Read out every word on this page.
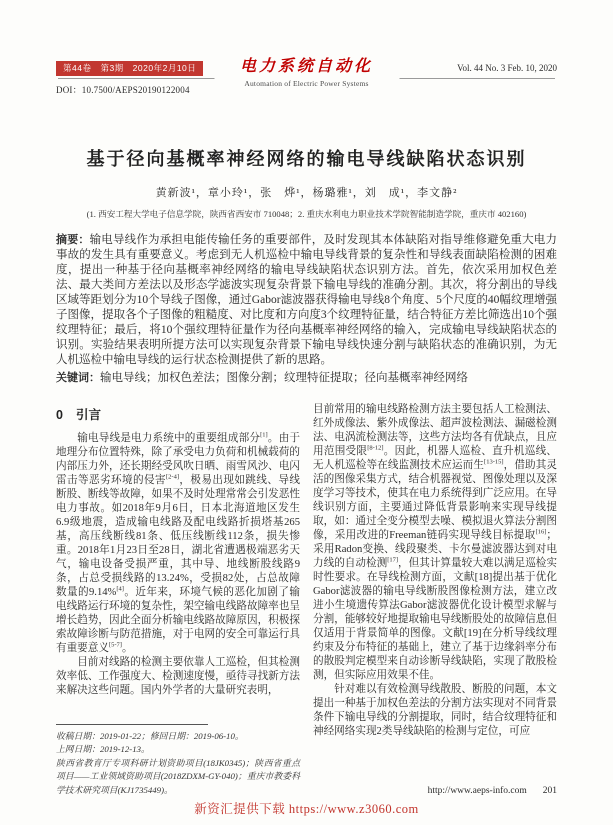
第44卷　第3期　2020年2月10日
DOI：10.7500/AEPS20190122004
电力系统自动化
Automation of Electric Power Systems
Vol. 44 No. 3 Feb. 10, 2020
基于径向基概率神经网络的输电导线缺陷状态识别
黄新波¹，章小玲¹，张　烨¹，杨璐雅¹，刘　成¹，李文静²
(1. 西安工程大学电子信息学院，陕西省西安市 710048；2. 重庆水利电力职业技术学院智能制造学院，重庆市 402160)

摘要：输电导线作为承担电能传输任务的重要部件，及时发现其本体缺陷对指导维修避免重大电力事故的发生具有重要意义。考虑到无人机巡检中输电导线背景的复杂性和导线表面缺陷检测的困难度，提出一种基于径向基概率神经网络的输电导线缺陷状态识别方法。首先，依次采用加权色差法、最大类间方差法以及形态学滤波实现复杂背景下输电导线的准确分割。其次，将分割出的导线区域等距划分为10个导线子图像，通过Gabor滤波器获得输电导线8个角度、5个尺度的40幅纹理增强子图像，提取各个子图像的粗糙度、对比度和方向度3个纹理特征量，结合特征方差比筛选出10个强纹理特征；最后，将10个强纹理特征量作为径向基概率神经网络的输入，完成输电导线缺陷状态的识别。实验结果表明所提方法可以实现复杂背景下输电导线快速分割与缺陷状态的准确识别，为无人机巡检中输电导线的运行状态检测提供了新的思路。

关键词：输电导线；加权色差法；图像分割；纹理特征提取；径向基概率神经网络

0 引言

输电导线是电力系统中的重要组成部分[1]。由于地理分布位置特殊，除了承受电力负荷和机械载荷的内部压力外，还长期经受风吹日晒、雨雪风沙、电闪雷击等恶劣环境的侵害[2-4]，极易出现如跳线、导线断股、断线等故障，如果不及时处理常常会引发恶性电力事故。如2018年9月6日，日本北海道地区发生6.9级地震，造成输电线路及配电线路折损塔基265基，高压线断线81条、低压线断线112条，损失惨重。2018年1月23日至28日，湖北省遭遇极端恶劣天气，输电设备受损严重，其中导、地线断股线路9条，占总受损线路的13.24%，受损82处，占总故障数量的9.14%[4]。近年来，环境气候的恶化加剧了输电线路运行环境的复杂性，架空输电线路故障率也呈增长趋势，因此全面分析输电线路故障原因，积极探索故障诊断与防范措施，对于电网的安全可靠运行具有重要意义[5-7]。

目前对线路的检测主要依靠人工巡检，但其检测效率低、工作强度大、检测速度慢，亟待寻找新方法来解决这些问题。国内外学者的大量研究表明，

收稿日期：2019-01-22；修回日期：2019-06-10。

上网日期：2019-12-13。

陕西省教育厅专项科研计划资助项目(18JK0345)；陕西省重点项目——工业领域资助项目(2018ZDXM-GY-040)；重庆市教委科学技术研究项目(KJ1735449)。

目前常用的输电线路检测方法主要包括人工检测法、红外成像法、紫外成像法、超声波检测法、漏磁检测法、电涡流检测法等，这些方法均各有优缺点，且应用范围受限[8-12]。因此，机器人巡检、直升机巡线、无人机巡检等在线监测技术应运而生[13-15]，借助其灵活的图像采集方式，结合机器视觉、图像处理以及深度学习等技术，使其在电力系统得到广泛应用。在导线识别方面，主要通过降低背景影响来实现导线提取，如：通过全变分模型去噪、模拟退火算法分割图像，采用改进的Freeman链码实现导线目标提取[16]；采用Radon变换、线段聚类、卡尔曼滤波器达到对电力线的自动检测[17]，但其计算量较大难以满足巡检实时性要求。在导线检测方面，文献[18]提出基于优化Gabor滤波器的输电导线断股图像检测方法，建立改进小生境遗传算法Gabor滤波器优化设计模型求解与分割，能够较好地提取输电导线断股处的故障信息但仅适用于背景简单的图像。文献[19]在分析导线纹理约束及分布特征的基础上，建立了基于边缘斜率分布的散股判定模型来自动诊断导线缺陷，实现了散股检测，但实际应用效果不佳。

针对难以有效检测导线散股、断股的问题，本文提出一种基于加权色差法的分割方法实现对不同背景条件下输电导线的分割提取，同时，结合纹理特征和神经网络实现2类导线缺陷的检测与定位，可应

http://www.aeps-info.com 201
新资汇提供下载 https://www.z3060.com
